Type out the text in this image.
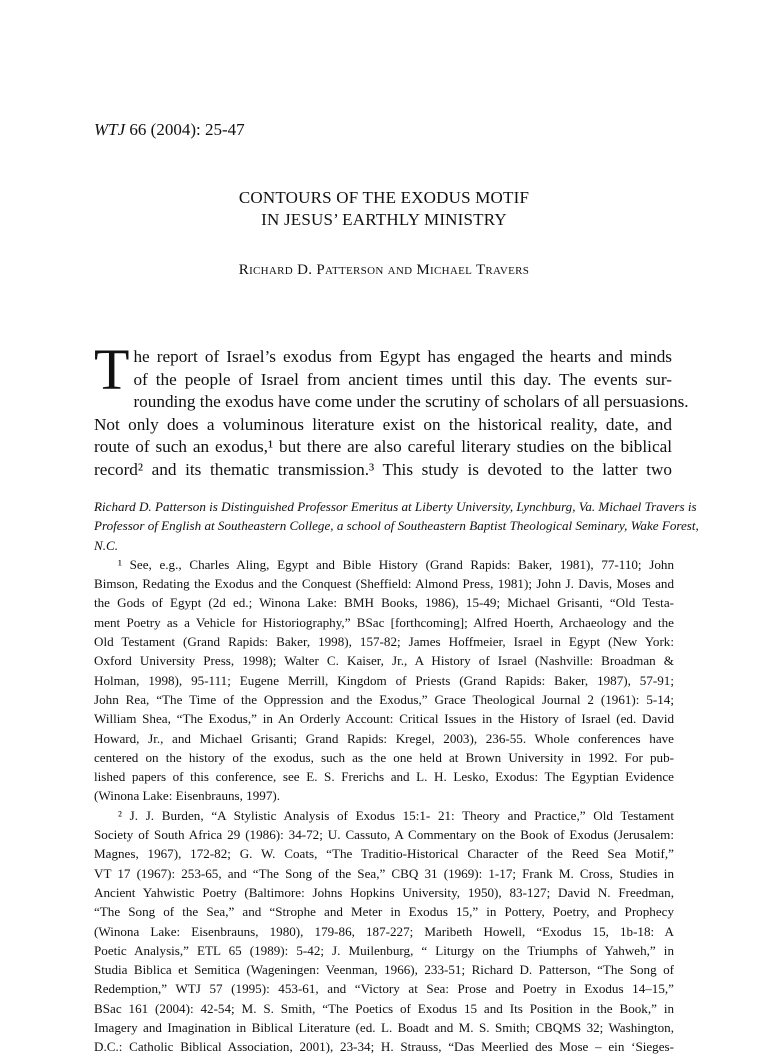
WTJ 66 (2004): 25-47
CONTOURS OF THE EXODUS MOTIF
IN JESUS’ EARTHLY MINISTRY
Richard D. Patterson and Michael Travers
T he report of Israel’s exodus from Egypt has engaged the hearts and minds
of the people of Israel from ancient times until this day. The events sur-
rounding the exodus have come under the scrutiny of scholars of all persuasions.
Not only does a voluminous literature exist on the historical reality, date, and
route of such an exodus,¹ but there are also careful literary studies on the biblical
record² and its thematic transmission.³ This study is devoted to the latter two
Richard D. Patterson is Distinguished Professor Emeritus at Liberty University, Lynchburg, Va. Michael Travers is
Professor of English at Southeastern College, a school of Southeastern Baptist Theological Seminary, Wake Forest,
N.C.
¹ See, e.g., Charles Aling, Egypt and Bible History (Grand Rapids: Baker, 1981), 77-110; John
Bimson, Redating the Exodus and the Conquest (Sheffield: Almond Press, 1981); John J. Davis, Moses and
the Gods of Egypt (2d ed.; Winona Lake: BMH Books, 1986), 15-49; Michael Grisanti, “Old Testa-
ment Poetry as a Vehicle for Historiography,” BSac [forthcoming]; Alfred Hoerth, Archaeology and the
Old Testament (Grand Rapids: Baker, 1998), 157-82; James Hoffmeier, Israel in Egypt (New York:
Oxford University Press, 1998); Walter C. Kaiser, Jr., A History of Israel (Nashville: Broadman &
Holman, 1998), 95-111; Eugene Merrill, Kingdom of Priests (Grand Rapids: Baker, 1987), 57-91;
John Rea, “The Time of the Oppression and the Exodus,” Grace Theological Journal 2 (1961): 5-14;
William Shea, “The Exodus,” in An Orderly Account: Critical Issues in the History of Israel (ed. David
Howard, Jr., and Michael Grisanti; Grand Rapids: Kregel, 2003), 236-55. Whole conferences have
centered on the history of the exodus, such as the one held at Brown University in 1992. For pub-
lished papers of this conference, see E. S. Frerichs and L. H. Lesko, Exodus: The Egyptian Evidence
(Winona Lake: Eisenbrauns, 1997).
² J. J. Burden, “A Stylistic Analysis of Exodus 15:1- 21: Theory and Practice,” Old Testament
Society of South Africa 29 (1986): 34-72; U. Cassuto, A Commentary on the Book of Exodus (Jerusalem:
Magnes, 1967), 172-82; G. W. Coats, “The Traditio-Historical Character of the Reed Sea Motif,”
VT 17 (1967): 253-65, and “The Song of the Sea,” CBQ 31 (1969): 1-17; Frank M. Cross, Studies in
Ancient Yahwistic Poetry (Baltimore: Johns Hopkins University, 1950), 83-127; David N. Freedman,
“The Song of the Sea,” and “Strophe and Meter in Exodus 15,” in Pottery, Poetry, and Prophecy
(Winona Lake: Eisenbrauns, 1980), 179-86, 187-227; Maribeth Howell, “Exodus 15, 1b-18: A
Poetic Analysis,” ETL 65 (1989): 5-42; J. Muilenburg, “ Liturgy on the Triumphs of Yahweh,” in
Studia Biblica et Semitica (Wageningen: Veenman, 1966), 233-51; Richard D. Patterson, “The Song of
Redemption,” WTJ 57 (1995): 453-61, and “Victory at Sea: Prose and Poetry in Exodus 14–15,”
BSac 161 (2004): 42-54; M. S. Smith, “The Poetics of Exodus 15 and Its Position in the Book,” in
Imagery and Imagination in Biblical Literature (ed. L. Boadt and M. S. Smith; CBQMS 32; Washington,
D.C.: Catholic Biblical Association, 2001), 23-34; H. Strauss, “Das Meerlied des Mose – ein ‘Sieges-
